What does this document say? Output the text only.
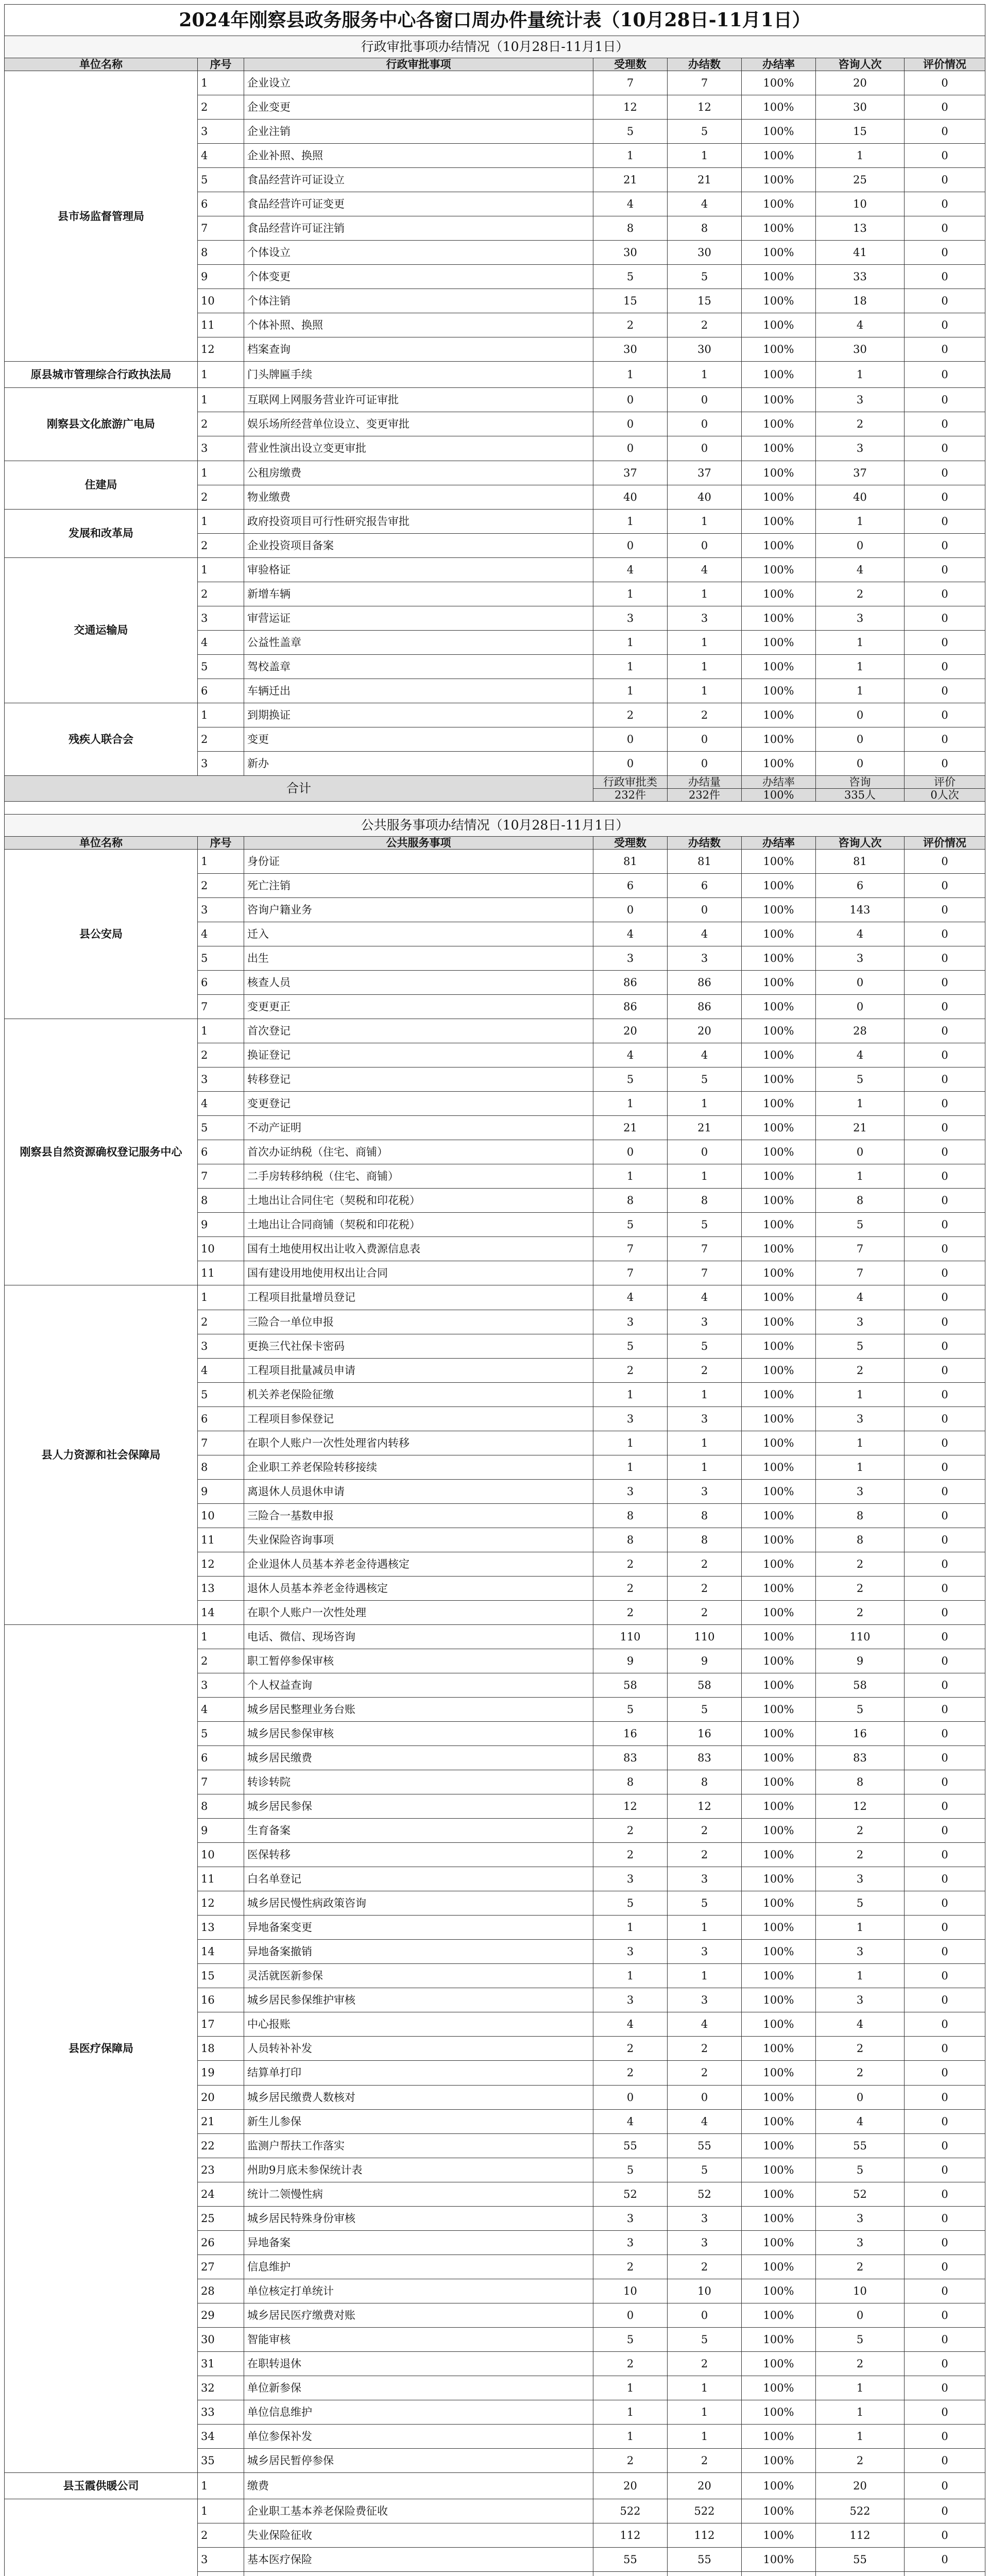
2024年刚察县政务服务中心各窗口周办件量统计表（10月28日-11月1日）							
行政审批事项办结情况（10月28日-11月1日）							
单位名称	序号	行政审批事项	受理数	办结数	办结率	咨询人次	评价情况
县市场监督管理局	1	企业设立	7	7	100%	20	0
	2	企业变更	12	12	100%	30	0
	3	企业注销	5	5	100%	15	0
	4	企业补照、换照	1	1	100%	1	0
	5	食品经营许可证设立	21	21	100%	25	0
	6	食品经营许可证变更	4	4	100%	10	0
	7	食品经营许可证注销	8	8	100%	13	0
	8	个体设立	30	30	100%	41	0
	9	个体变更	5	5	100%	33	0
	10	个体注销	15	15	100%	18	0
	11	个体补照、换照	2	2	100%	4	0
	12	档案查询	30	30	100%	30	0
原县城市管理综合行政执法局	1	门头牌匾手续	1	1	100%	1	0
刚察县文化旅游广电局	1	互联网上网服务营业许可证审批	0	0	100%	3	0
	2	娱乐场所经营单位设立、变更审批	0	0	100%	2	0
	3	营业性演出设立变更审批	0	0	100%	3	0
住建局	1	公租房缴费	37	37	100%	37	0
	2	物业缴费	40	40	100%	40	0
发展和改革局	1	政府投资项目可行性研究报告审批	1	1	100%	1	0
	2	企业投资项目备案	0	0	100%	0	0
交通运输局	1	审验格证	4	4	100%	4	0
	2	新增车辆	1	1	100%	2	0
	3	审营运证	3	3	100%	3	0
	4	公益性盖章	1	1	100%	1	0
	5	驾校盖章	1	1	100%	1	0
	6	车辆迁出	1	1	100%	1	0
残疾人联合会	1	到期换证	2	2	100%	0	0
	2	变更	0	0	100%	0	0
	3	新办	0	0	100%	0	0
合计			行政审批类	办结量	办结率	咨询	评价
			232件	232件	100%	335人	0人次

公共服务事项办结情况（10月28日-11月1日）							
单位名称	序号	公共服务事项	受理数	办结数	办结率	咨询人次	评价情况
县公安局	1	身份证	81	81	100%	81	0
	2	死亡注销	6	6	100%	6	0
	3	咨询户籍业务	0	0	100%	143	0
	4	迁入	4	4	100%	4	0
	5	出生	3	3	100%	3	0
	6	核查人员	86	86	100%	0	0
	7	变更更正	86	86	100%	0	0
刚察县自然资源确权登记服务中心	1	首次登记	20	20	100%	28	0
	2	换证登记	4	4	100%	4	0
	3	转移登记	5	5	100%	5	0
	4	变更登记	1	1	100%	1	0
	5	不动产证明	21	21	100%	21	0
	6	首次办证纳税（住宅、商铺）	0	0	100%	0	0
	7	二手房转移纳税（住宅、商铺）	1	1	100%	1	0
	8	土地出让合同住宅（契税和印花税）	8	8	100%	8	0
	9	土地出让合同商铺（契税和印花税）	5	5	100%	5	0
	10	国有土地使用权出让收入费源信息表	7	7	100%	7	0
	11	国有建设用地使用权出让合同	7	7	100%	7	0
县人力资源和社会保障局	1	工程项目批量增员登记	4	4	100%	4	0
	2	三险合一单位申报	3	3	100%	3	0
	3	更换三代社保卡密码	5	5	100%	5	0
	4	工程项目批量减员申请	2	2	100%	2	0
	5	机关养老保险征缴	1	1	100%	1	0
	6	工程项目参保登记	3	3	100%	3	0
	7	在职个人账户一次性处理省内转移	1	1	100%	1	0
	8	企业职工养老保险转移接续	1	1	100%	1	0
	9	离退休人员退休申请	3	3	100%	3	0
	10	三险合一基数申报	8	8	100%	8	0
	11	失业保险咨询事项	8	8	100%	8	0
	12	企业退休人员基本养老金待遇核定	2	2	100%	2	0
	13	退休人员基本养老金待遇核定	2	2	100%	2	0
	14	在职个人账户一次性处理	2	2	100%	2	0
县医疗保障局	1	电话、微信、现场咨询	110	110	100%	110	0
	2	职工暂停参保审核	9	9	100%	9	0
	3	个人权益查询	58	58	100%	58	0
	4	城乡居民整理业务台账	5	5	100%	5	0
	5	城乡居民参保审核	16	16	100%	16	0
	6	城乡居民缴费	83	83	100%	83	0
	7	转诊转院	8	8	100%	8	0
	8	城乡居民参保	12	12	100%	12	0
	9	生育备案	2	2	100%	2	0
	10	医保转移	2	2	100%	2	0
	11	白名单登记	3	3	100%	3	0
	12	城乡居民慢性病政策咨询	5	5	100%	5	0
	13	异地备案变更	1	1	100%	1	0
	14	异地备案撤销	3	3	100%	3	0
	15	灵活就医新参保	1	1	100%	1	0
	16	城乡居民参保维护审核	3	3	100%	3	0
	17	中心报账	4	4	100%	4	0
	18	人员转补补发	2	2	100%	2	0
	19	结算单打印	2	2	100%	2	0
	20	城乡居民缴费人数核对	0	0	100%	0	0
	21	新生儿参保	4	4	100%	4	0
	22	监测户帮扶工作落实	55	55	100%	55	0
	23	州助9月底未参保统计表	5	5	100%	5	0
	24	统计二领慢性病	52	52	100%	52	0
	25	城乡居民特殊身份审核	3	3	100%	3	0
	26	异地备案	3	3	100%	3	0
	27	信息维护	2	2	100%	2	0
	28	单位核定打单统计	10	10	100%	10	0
	29	城乡居民医疗缴费对账	0	0	100%	0	0
	30	智能审核	5	5	100%	5	0
	31	在职转退休	2	2	100%	2	0
	32	单位新参保	1	1	100%	1	0
	33	单位信息维护	1	1	100%	1	0
	34	单位参保补发	1	1	100%	1	0
	35	城乡居民暂停参保	2	2	100%	2	0
县玉霞供暖公司	1	缴费	20	20	100%	20	0
	1	企业职工基本养老保险费征收	522	522	100%	522	0
	2	失业保险征收	112	112	100%	112	0
	3	基本医疗保险	55	55	100%	55	0
